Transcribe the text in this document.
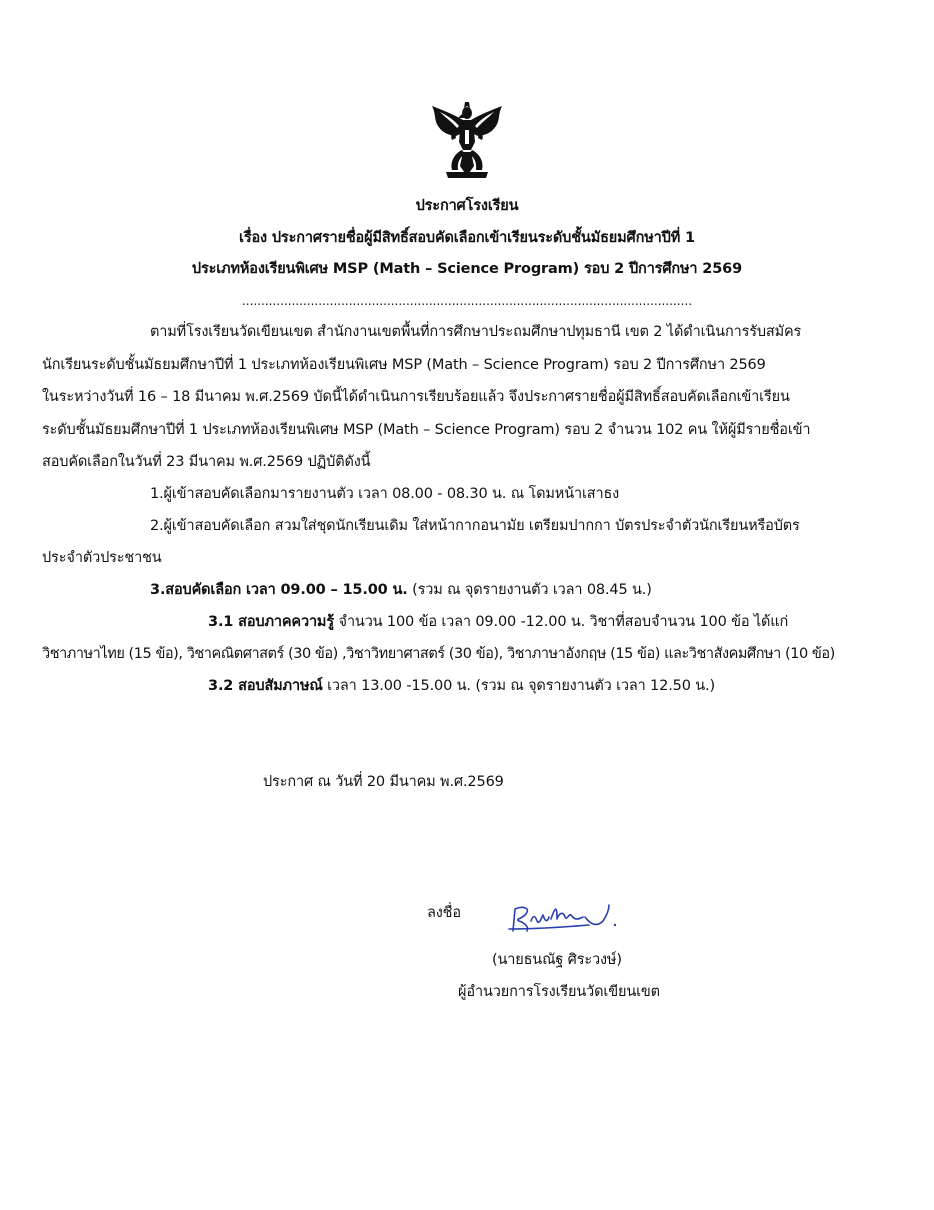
ประกาศโรงเรียน
เรื่อง ประกาศรายชื่อผู้มีสิทธิ์สอบคัดเลือกเข้าเรียนระดับชั้นมัธยมศึกษาปีที่ 1
ประเภทห้องเรียนพิเศษ MSP (Math – Science Program) รอบ 2 ปีการศึกษา 2569
......................................................................................................................
ตามที่โรงเรียนวัดเขียนเขต สำนักงานเขตพื้นที่การศึกษาประถมศึกษาปทุมธานี เขต 2 ได้ดำเนินการรับสมัคร
นักเรียนระดับชั้นมัธยมศึกษาปีที่ 1 ประเภทห้องเรียนพิเศษ MSP (Math – Science Program) รอบ 2 ปีการศึกษา 2569
ในระหว่างวันที่ 16 – 18 มีนาคม พ.ศ.2569 บัดนี้ได้ดำเนินการเรียบร้อยแล้ว จึงประกาศรายชื่อผู้มีสิทธิ์สอบคัดเลือกเข้าเรียน
ระดับชั้นมัธยมศึกษาปีที่ 1 ประเภทห้องเรียนพิเศษ MSP (Math – Science Program) รอบ 2 จำนวน 102 คน ให้ผู้มีรายชื่อเข้า
สอบคัดเลือกในวันที่ 23 มีนาคม พ.ศ.2569 ปฏิบัติดังนี้
1.ผู้เข้าสอบคัดเลือกมารายงานตัว เวลา 08.00 - 08.30 น. ณ โดมหน้าเสาธง
2.ผู้เข้าสอบคัดเลือก สวมใส่ชุดนักเรียนเดิม ใส่หน้ากากอนามัย เตรียมปากกา บัตรประจำตัวนักเรียนหรือบัตร
ประจำตัวประชาชน
3.สอบคัดเลือก เวลา 09.00 – 15.00 น. (รวม ณ จุดรายงานตัว เวลา 08.45 น.)
3.1 สอบภาคความรู้ จำนวน 100 ข้อ เวลา 09.00 -12.00 น. วิชาที่สอบจำนวน 100 ข้อ ได้แก่
วิชาภาษาไทย (15 ข้อ), วิชาคณิตศาสตร์ (30 ข้อ) ,วิชาวิทยาศาสตร์ (30 ข้อ), วิชาภาษาอังกฤษ (15 ข้อ) และวิชาสังคมศึกษา (10 ข้อ)
3.2 สอบสัมภาษณ์ เวลา 13.00 -15.00 น. (รวม ณ จุดรายงานตัว เวลา 12.50 น.)
ประกาศ ณ วันที่ 20 มีนาคม พ.ศ.2569
ลงชื่อ
(นายธนณัฐ ศิระวงษ์)
ผู้อำนวยการโรงเรียนวัดเขียนเขต
